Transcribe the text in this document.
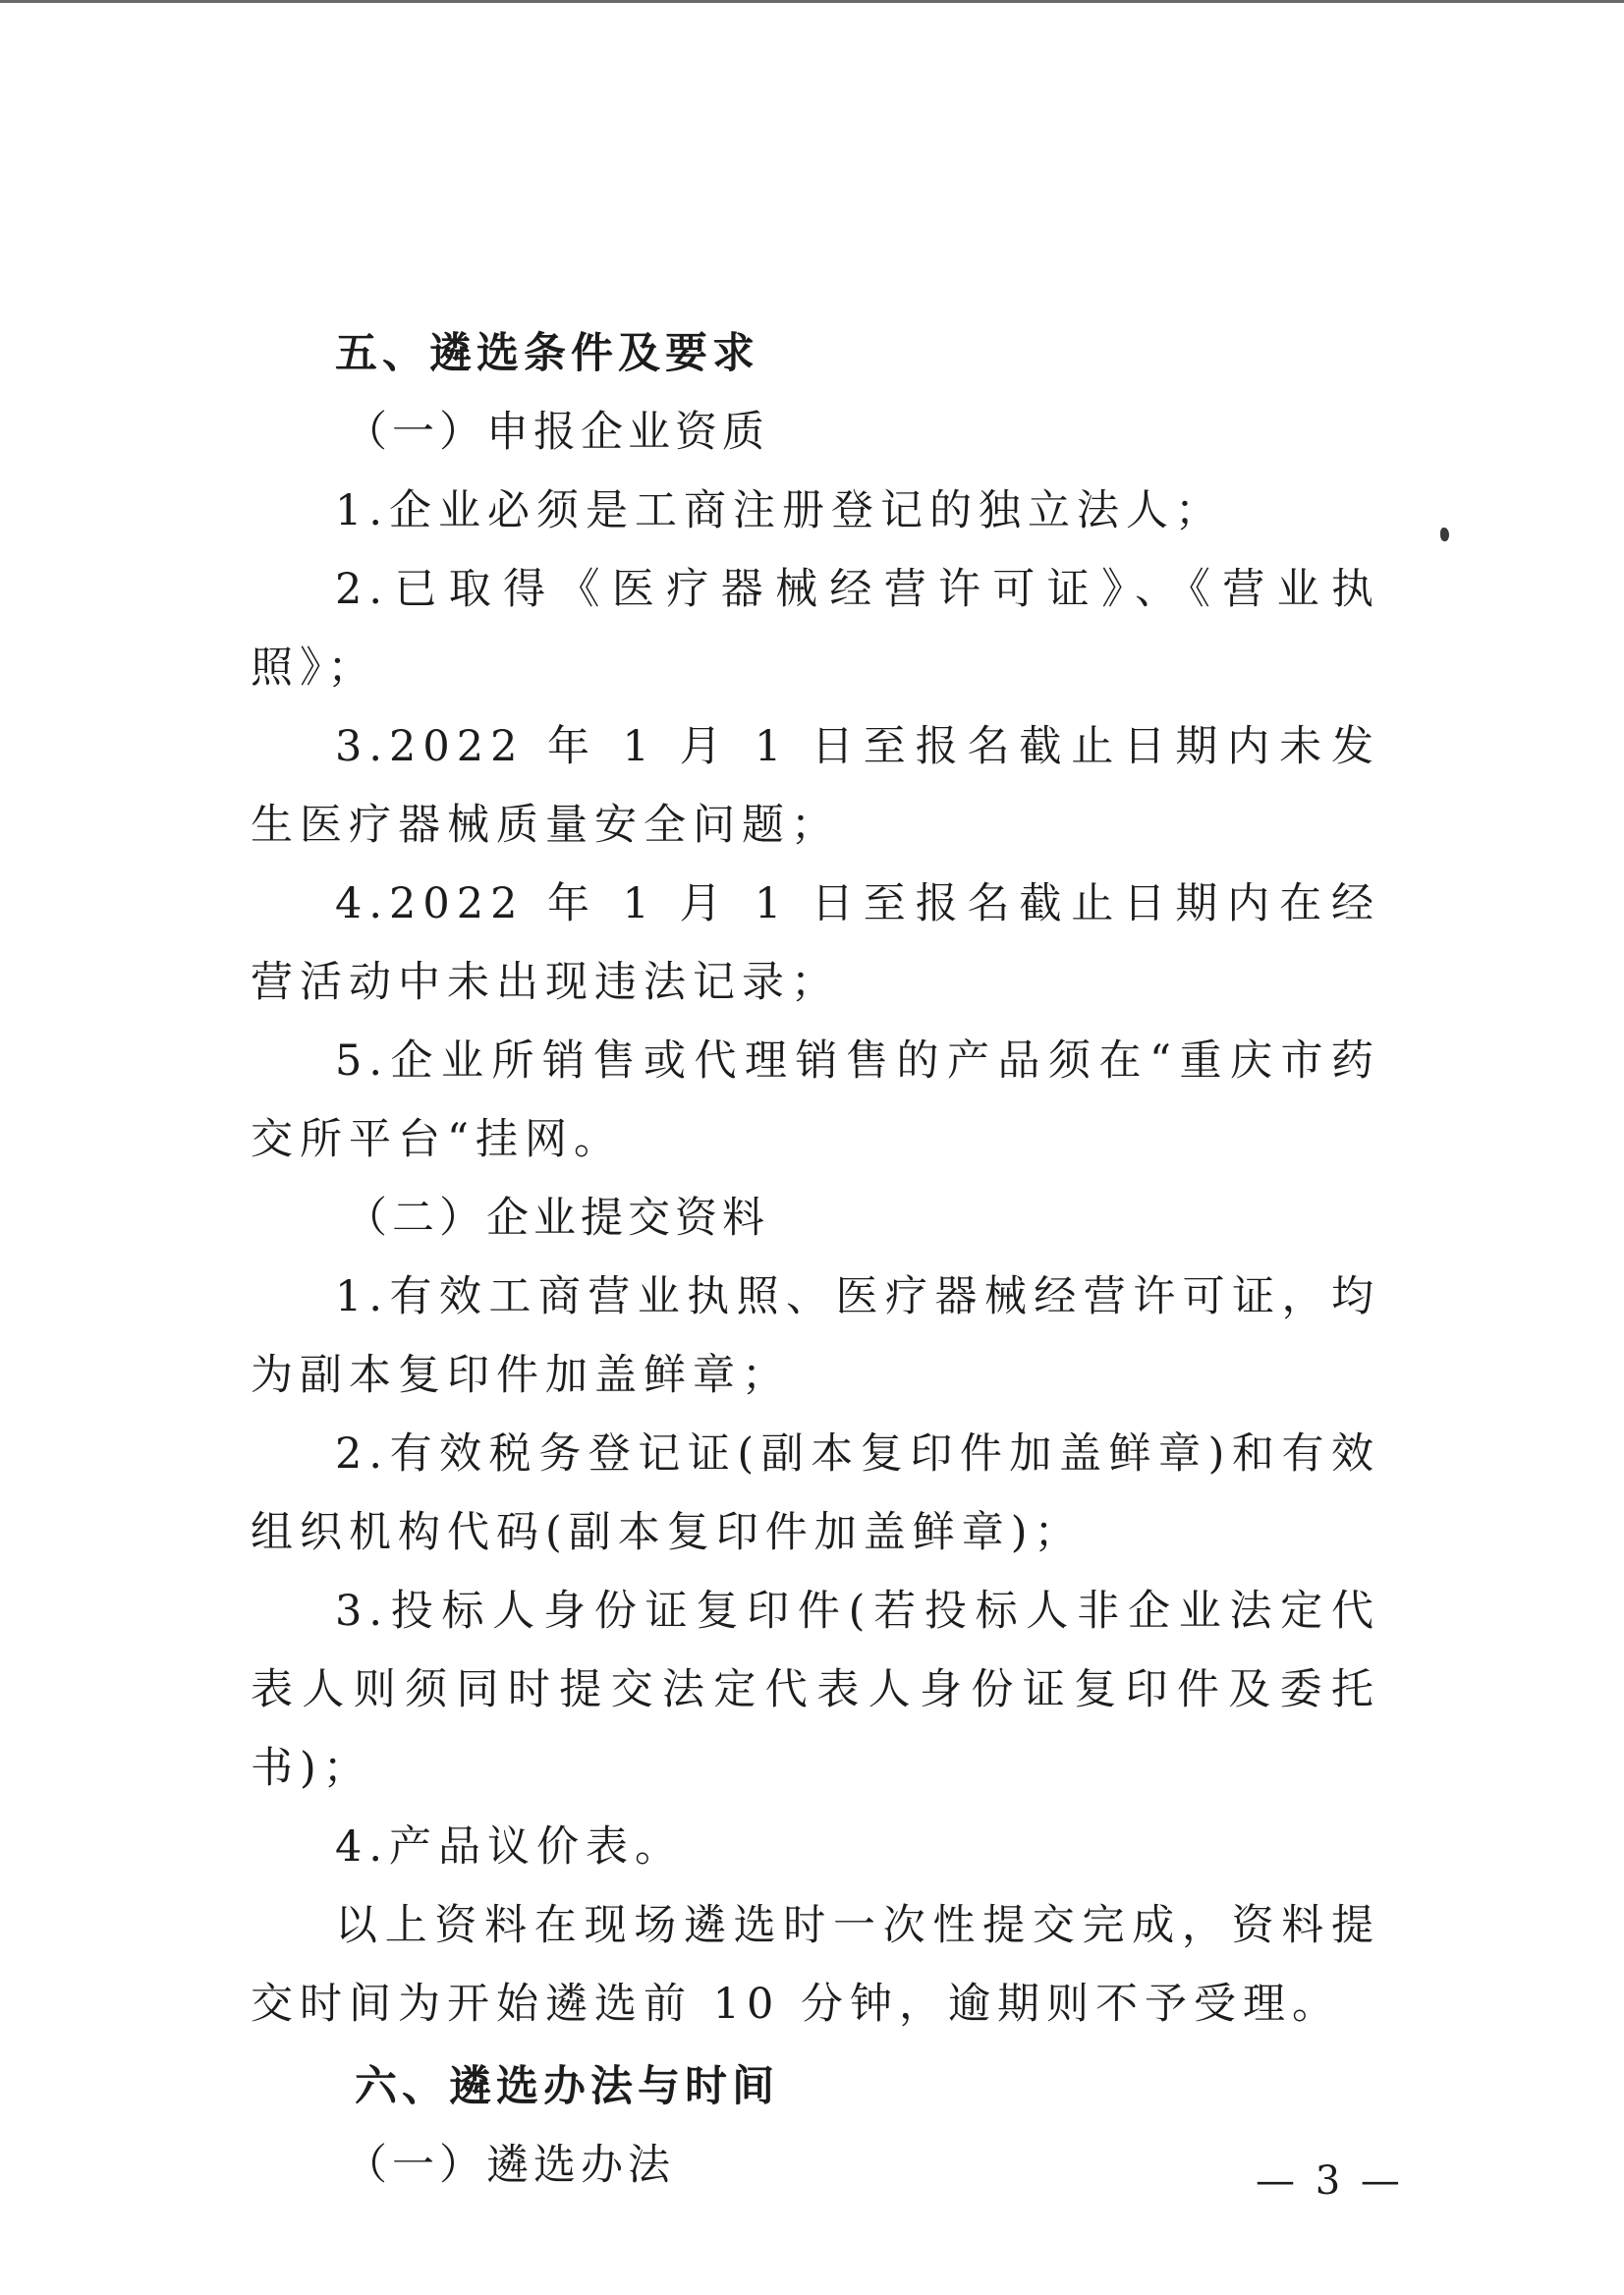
五、遴选条件及要求

（一）申报企业资质

1.企业必须是工商注册登记的独立法人；

2.已取得《医疗器械经营许可证》、《营业执照》；

3.2022 年 1 月 1 日至报名截止日期内未发生医疗器械质量安全问题；

4.2022 年 1 月 1 日至报名截止日期内在经营活动中未出现违法记录；

5.企业所销售或代理销售的产品须在“重庆市药交所平台“挂网。

（二）企业提交资料

1.有效工商营业执照、医疗器械经营许可证，均为副本复印件加盖鲜章；

2.有效税务登记证(副本复印件加盖鲜章)和有效组织机构代码(副本复印件加盖鲜章)；

3.投标人身份证复印件(若投标人非企业法定代表人则须同时提交法定代表人身份证复印件及委托书)；

4.产品议价表。

以上资料在现场遴选时一次性提交完成，资料提交时间为开始遴选前 10 分钟，逾期则不予受理。

六、遴选办法与时间

（一）遴选办法	— 3 —
